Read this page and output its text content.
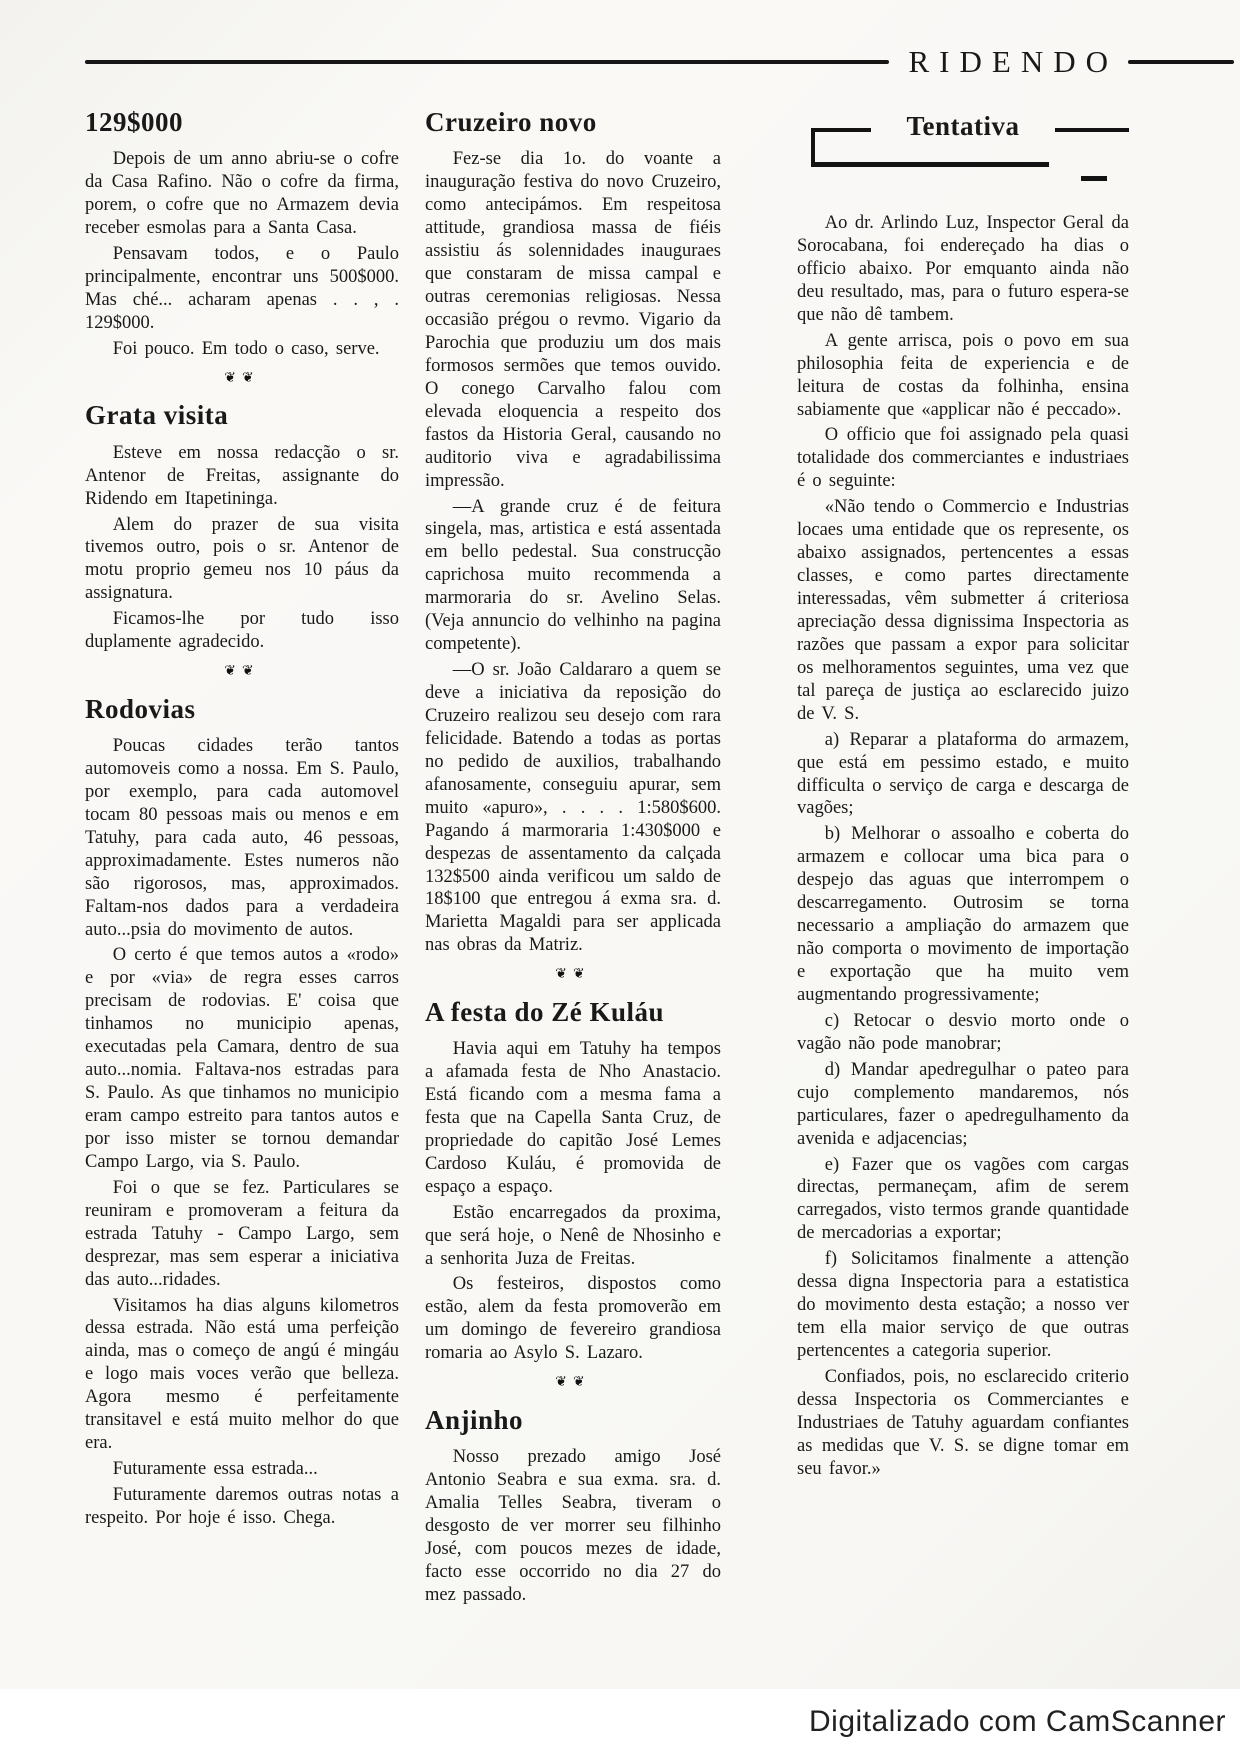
RIDENDO
129$000

Depois de um anno abriu-se o cofre da Casa Rafino. Não o cofre da firma, porem, o cofre que no Armazem devia receber esmolas para a Santa Casa.

Pensavam todos, e o Paulo principalmente, encontrar uns 500$000. Mas ché... acharam apenas . . , . 129$000.

Foi pouco. Em todo o caso, serve.

❦❦
Grata visita

Esteve em nossa redacção o sr. Antenor de Freitas, assignante do Ridendo em Itapetininga.

Alem do prazer de sua visita tivemos outro, pois o sr. Antenor de motu proprio gemeu nos 10 páus da assignatura.

Ficamos-lhe por tudo isso duplamente agradecido.

❦❦
Rodovias

Poucas cidades terão tantos automoveis como a nossa. Em S. Paulo, por exemplo, para cada automovel tocam 80 pessoas mais ou menos e em Tatuhy, para cada auto, 46 pessoas, approximadamente. Estes numeros não são rigorosos, mas, approximados. Faltam-nos dados para a verdadeira auto...psia do movimento de autos.

O certo é que temos autos a «rodo» e por «via» de regra esses carros precisam de rodovias. E' coisa que tinhamos no municipio apenas, executadas pela Camara, dentro de sua auto...nomia. Faltava-nos estradas para S. Paulo. As que tinhamos no municipio eram campo estreito para tantos autos e por isso mister se tornou demandar Campo Largo, via S. Paulo.

Foi o que se fez. Particulares se reuniram e promoveram a feitura da estrada Tatuhy - Campo Largo, sem desprezar, mas sem esperar a iniciativa das auto...ridades.

Visitamos ha dias alguns kilometros dessa estrada. Não está uma perfeição ainda, mas o começo de angú é mingáu e logo mais voces verão que belleza. Agora mesmo é perfeitamente transitavel e está muito melhor do que era.

Futuramente essa estrada...

Futuramente daremos outras notas a respeito. Por hoje é isso. Chega.

Cruzeiro novo

Fez-se dia 1o. do voante a inauguração festiva do novo Cruzeiro, como antecipámos. Em respeitosa attitude, grandiosa massa de fiéis assistiu ás solennidades inauguraes que constaram de missa campal e outras ceremonias religiosas. Nessa occasião prégou o revmo. Vigario da Parochia que produziu um dos mais formosos sermões que temos ouvido. O conego Carvalho falou com elevada eloquencia a respeito dos fastos da Historia Geral, causando no auditorio viva e agradabilissima impressão.

—A grande cruz é de feitura singela, mas, artistica e está assentada em bello pedestal. Sua construcção caprichosa muito recommenda a marmoraria do sr. Avelino Selas. (Veja annuncio do velhinho na pagina competente).

—O sr. João Caldararo a quem se deve a iniciativa da reposição do Cruzeiro realizou seu desejo com rara felicidade. Batendo a todas as portas no pedido de auxilios, trabalhando afanosamente, conseguiu apurar, sem muito «apuro», . . . . 1:580$600. Pagando á marmoraria 1:430$000 e despezas de assentamento da calçada 132$500 ainda verificou um saldo de 18$100 que entregou á exma sra. d. Marietta Magaldi para ser applicada nas obras da Matriz.

❦❦
A festa do Zé Kuláu

Havia aqui em Tatuhy ha tempos a afamada festa de Nho Anastacio. Está ficando com a mesma fama a festa que na Capella Santa Cruz, de propriedade do capitão José Lemes Cardoso Kuláu, é promovida de espaço a espaço.

Estão encarregados da proxima, que será hoje, o Nenê de Nhosinho e a senhorita Juza de Freitas.

Os festeiros, dispostos como estão, alem da festa promoverão em um domingo de fevereiro grandiosa romaria ao Asylo S. Lazaro.

❦❦
Anjinho

Nosso prezado amigo José Antonio Seabra e sua exma. sra. d. Amalia Telles Seabra, tiveram o desgosto de ver morrer seu filhinho José, com poucos mezes de idade, facto esse occorrido no dia 27 do mez passado.

Tentativa

Ao dr. Arlindo Luz, Inspector Geral da Sorocabana, foi endereçado ha dias o officio abaixo. Por emquanto ainda não deu resultado, mas, para o futuro espera-se que não dê tambem.

A gente arrisca, pois o povo em sua philosophia feita de experiencia e de leitura de costas da folhinha, ensina sabiamente que «applicar não é peccado».

O officio que foi assignado pela quasi totalidade dos commerciantes e industriaes é o seguinte:

«Não tendo o Commercio e Industrias locaes uma entidade que os represente, os abaixo assignados, pertencentes a essas classes, e como partes directamente interessadas, vêm submetter á criteriosa apreciação dessa dignissima Inspectoria as razões que passam a expor para solicitar os melhoramentos seguintes, uma vez que tal pareça de justiça ao esclarecido juizo de V. S.

a) Reparar a plataforma do armazem, que está em pessimo estado, e muito difficulta o serviço de carga e descarga de vagões;

b) Melhorar o assoalho e coberta do armazem e collocar uma bica para o despejo das aguas que interrompem o descarregamento. Outrosim se torna necessario a ampliação do armazem que não comporta o movimento de importação e exportação que ha muito vem augmentando progressivamente;

c) Retocar o desvio morto onde o vagão não pode manobrar;

d) Mandar apedregulhar o pateo para cujo complemento mandaremos, nós particulares, fazer o apedregulhamento da avenida e adjacencias;

e) Fazer que os vagões com cargas directas, permaneçam, afim de serem carregados, visto termos grande quantidade de mercadorias a exportar;

f) Solicitamos finalmente a attenção dessa digna Inspectoria para a estatistica do movimento desta estação; a nosso ver tem ella maior serviço de que outras pertencentes a categoria superior.

Confiados, pois, no esclarecido criterio dessa Inspectoria os Commerciantes e Industriaes de Tatuhy aguardam confiantes as medidas que V. S. se digne tomar em seu favor.»

Digitalizado com CamScanner
